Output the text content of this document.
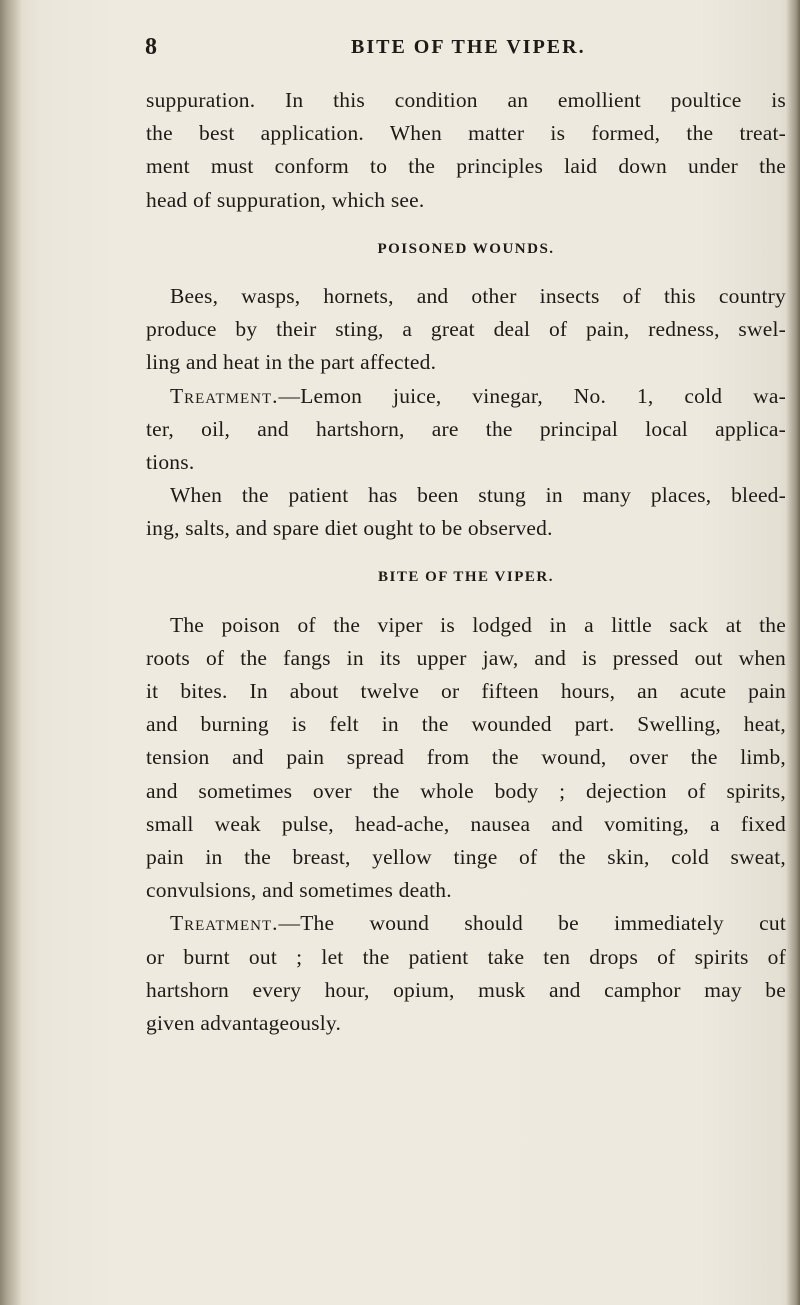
8	BITE OF THE VIPER.
suppuration. In this condition an emollient poultice is
the best application. When matter is formed, the treat-
ment must conform to the principles laid down under the
head of suppuration, which see.
POISONED WOUNDS.
Bees, wasps, hornets, and other insects of this country
produce by their sting, a great deal of pain, redness, swel-
ling and heat in the part affected.
Treatment.—Lemon juice, vinegar, No. 1, cold wa-
ter, oil, and hartshorn, are the principal local applica-
tions.
When the patient has been stung in many places, bleed-
ing, salts, and spare diet ought to be observed.
BITE OF THE VIPER.
The poison of the viper is lodged in a little sack at the
roots of the fangs in its upper jaw, and is pressed out when
it bites. In about twelve or fifteen hours, an acute pain
and burning is felt in the wounded part. Swelling, heat,
tension and pain spread from the wound, over the limb,
and sometimes over the whole body ; dejection of spirits,
small weak pulse, head-ache, nausea and vomiting, a fixed
pain in the breast, yellow tinge of the skin, cold sweat,
convulsions, and sometimes death.
Treatment.—The wound should be immediately cut
or burnt out ; let the patient take ten drops of spirits of
hartshorn every hour, opium, musk and camphor may be
given advantageously.
